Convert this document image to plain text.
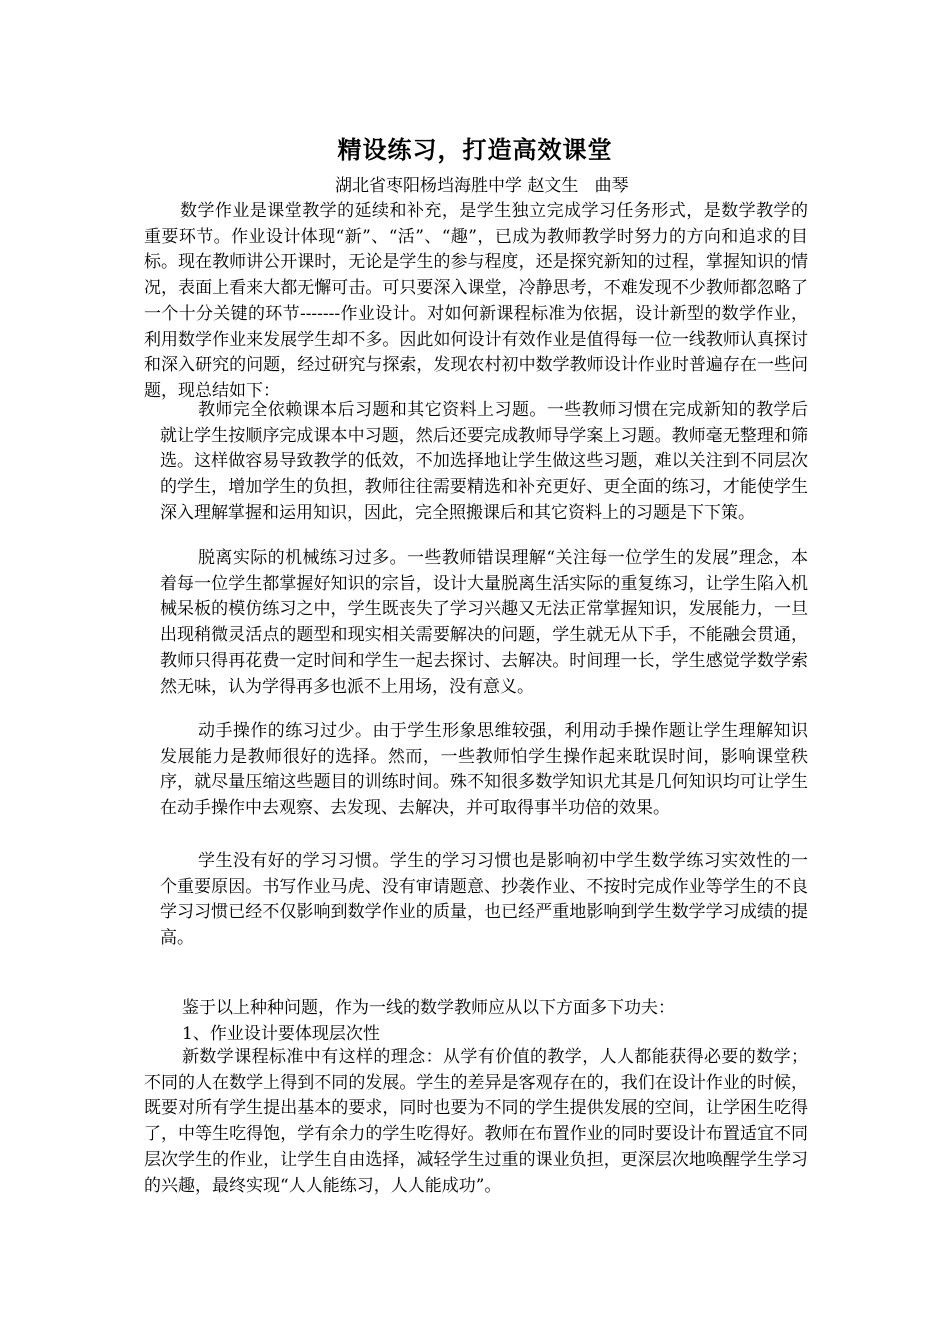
精设练习，打造高效课堂
湖北省枣阳杨垱海胜中学 赵文生   曲琴

数学作业是课堂教学的延续和补充，是学生独立完成学习任务形式，是数学教学的重要环节。作业设计体现“新”、“活”、“趣”，已成为教师教学时努力的方向和追求的目标。现在教师讲公开课时，无论是学生的参与程度，还是探究新知的过程，掌握知识的情况，表面上看来大都无懈可击。可只要深入课堂，冷静思考，不难发现不少教师都忽略了一个十分关键的环节-------作业设计。对如何新课程标准为依据，设计新型的数学作业，利用数学作业来发展学生却不多。因此如何设计有效作业是值得每一位一线教师认真探讨和深入研究的问题，经过研究与探索，发现农村初中数学教师设计作业时普遍存在一些问题，现总结如下：

教师完全依赖课本后习题和其它资料上习题。一些教师习惯在完成新知的教学后就让学生按顺序完成课本中习题，然后还要完成教师导学案上习题。教师毫无整理和筛选。这样做容易导致教学的低效，不加选择地让学生做这些习题，难以关注到不同层次的学生，增加学生的负担，教师往往需要精选和补充更好、更全面的练习，才能使学生深入理解掌握和运用知识，因此，完全照搬课后和其它资料上的习题是下下策。

脱离实际的机械练习过多。一些教师错误理解“关注每一位学生的发展”理念，本着每一位学生都掌握好知识的宗旨，设计大量脱离生活实际的重复练习，让学生陷入机械呆板的模仿练习之中，学生既丧失了学习兴趣又无法正常掌握知识，发展能力，一旦出现稍微灵活点的题型和现实相关需要解决的问题，学生就无从下手，不能融会贯通，教师只得再花费一定时间和学生一起去探讨、去解决。时间理一长，学生感觉学数学索然无味，认为学得再多也派不上用场，没有意义。

动手操作的练习过少。由于学生形象思维较强，利用动手操作题让学生理解知识发展能力是教师很好的选择。然而，一些教师怕学生操作起来耽误时间，影响课堂秩序，就尽量压缩这些题目的训练时间。殊不知很多数学知识尤其是几何知识均可让学生在动手操作中去观察、去发现、去解决，并可取得事半功倍的效果。

学生没有好的学习习惯。学生的学习习惯也是影响初中学生数学练习实效性的一个重要原因。书写作业马虎、没有审请题意、抄袭作业、不按时完成作业等学生的不良学习习惯已经不仅影响到数学作业的质量，也已经严重地影响到学生数学学习成绩的提高。

鉴于以上种种问题，作为一线的数学教师应从以下方面多下功夫：

1、作业设计要体现层次性

新数学课程标准中有这样的理念：从学有价值的教学，人人都能获得必要的数学；不同的人在数学上得到不同的发展。学生的差异是客观存在的，我们在设计作业的时候，既要对所有学生提出基本的要求，同时也要为不同的学生提供发展的空间，让学困生吃得了，中等生吃得饱，学有余力的学生吃得好。教师在布置作业的同时要设计布置适宜不同层次学生的作业，让学生自由选择，减轻学生过重的课业负担，更深层次地唤醒学生学习的兴趣，最终实现“人人能练习，人人能成功”。
